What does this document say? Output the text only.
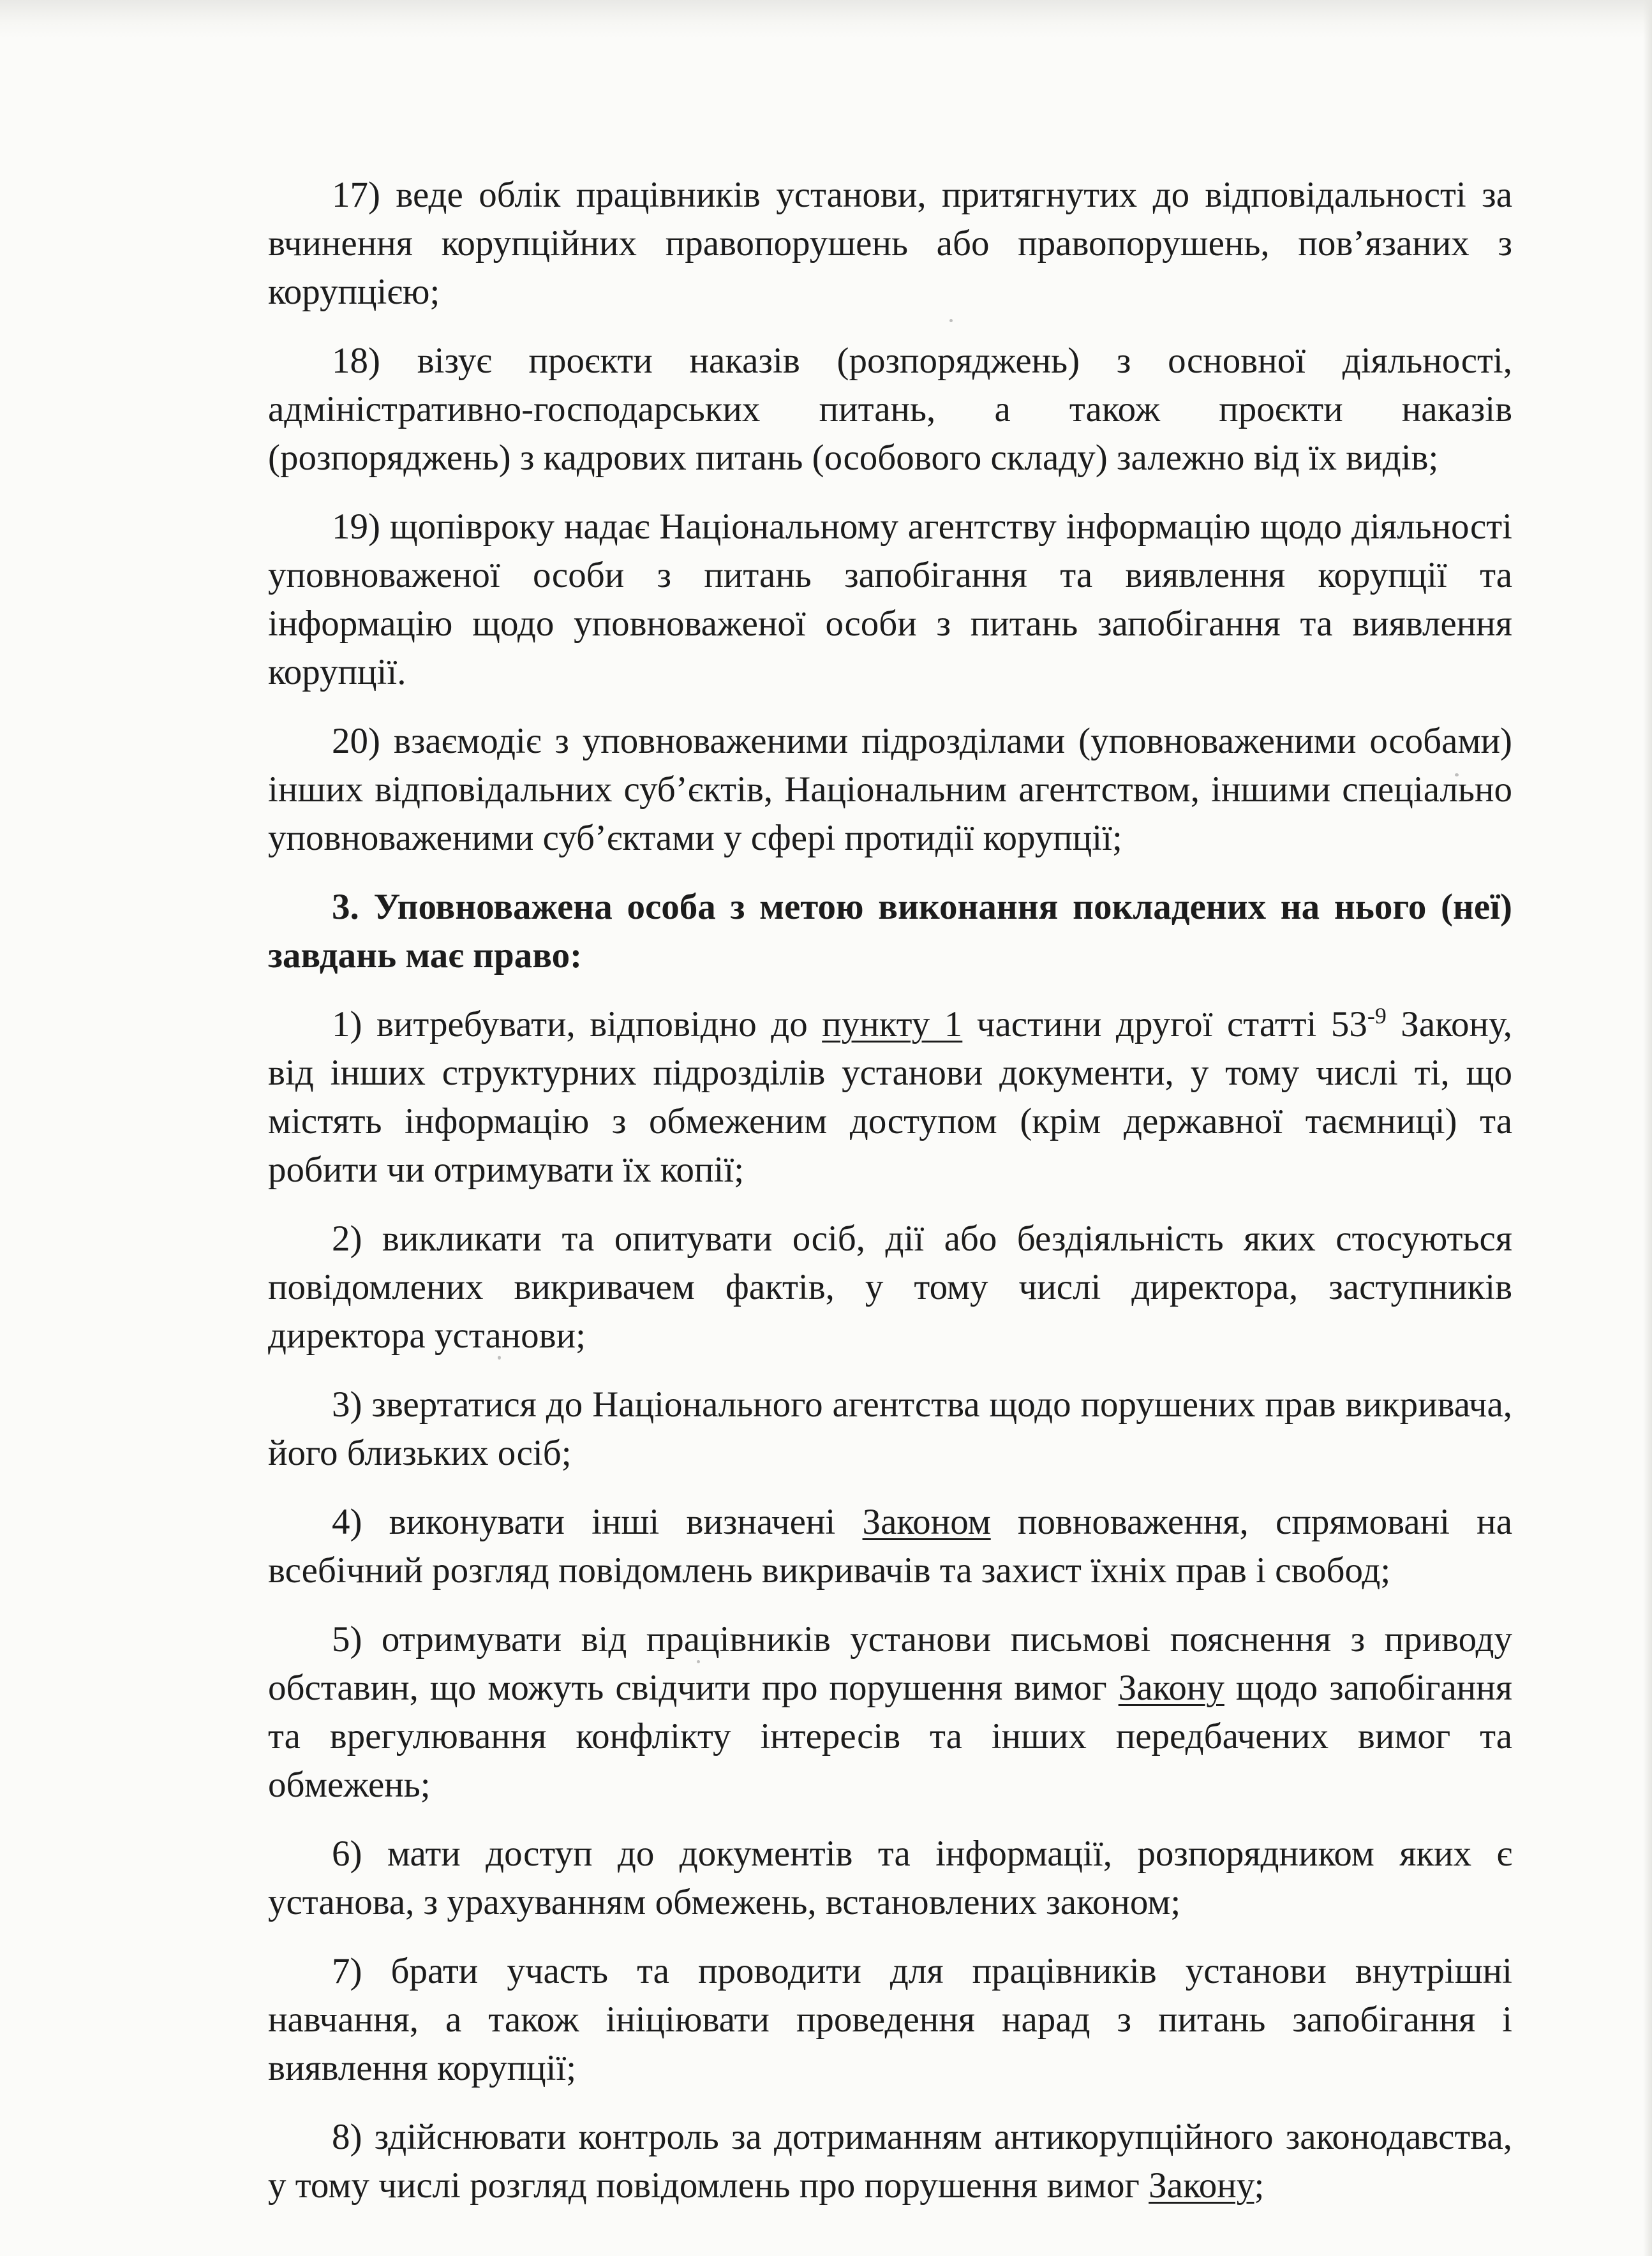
17) веде облік працівників установи, притягнутих до відповідальності за вчинення корупційних правопорушень або правопорушень, пов’язаних з корупцією;

18) візує проєкти наказів (розпоряджень) з основної діяльності, адміністративно-господарських питань, а також проєкти наказів (розпоряджень) з кадрових питань (особового складу) залежно від їх видів;

19) щопівроку надає Національному агентству інформацію щодо діяльності уповноваженої особи з питань запобігання та виявлення корупції та інформацію щодо уповноваженої особи з питань запобігання та виявлення корупції.

20) взаємодіє з уповноваженими підрозділами (уповноваженими особами) інших відповідальних суб’єктів, Національним агентством, іншими спеціально уповноваженими суб’єктами у сфері протидії корупції;

3. Уповноважена особа з метою виконання покладених на нього (неї) завдань має право:

1) витребувати, відповідно до пункту 1 частини другої статті $53^{-9}$ Закону, від інших структурних підрозділів установи документи, у тому числі ті, що містять інформацію з обмеженим доступом (крім державної таємниці) та робити чи отримувати їх копії;

2) викликати та опитувати осіб, дії або бездіяльність яких стосуються повідомлених викривачем фактів, у тому числі директора, заступників директора установи;

3) звертатися до Національного агентства щодо порушених прав викривача, його близьких осіб;

4) виконувати інші визначені Законом повноваження, спрямовані на всебічний розгляд повідомлень викривачів та захист їхніх прав і свобод;

5) отримувати від працівників установи письмові пояснення з приводу обставин, що можуть свідчити про порушення вимог Закону щодо запобігання та врегулювання конфлікту інтересів та інших передбачених вимог та обмежень;

6) мати доступ до документів та інформації, розпорядником яких є установа, з урахуванням обмежень, встановлених законом;

7) брати участь та проводити для працівників установи внутрішні навчання, а також ініціювати проведення нарад з питань запобігання і виявлення корупції;

8) здійснювати контроль за дотриманням антикорупційного законодавства, у тому числі розгляд повідомлень про порушення вимог Закону;
